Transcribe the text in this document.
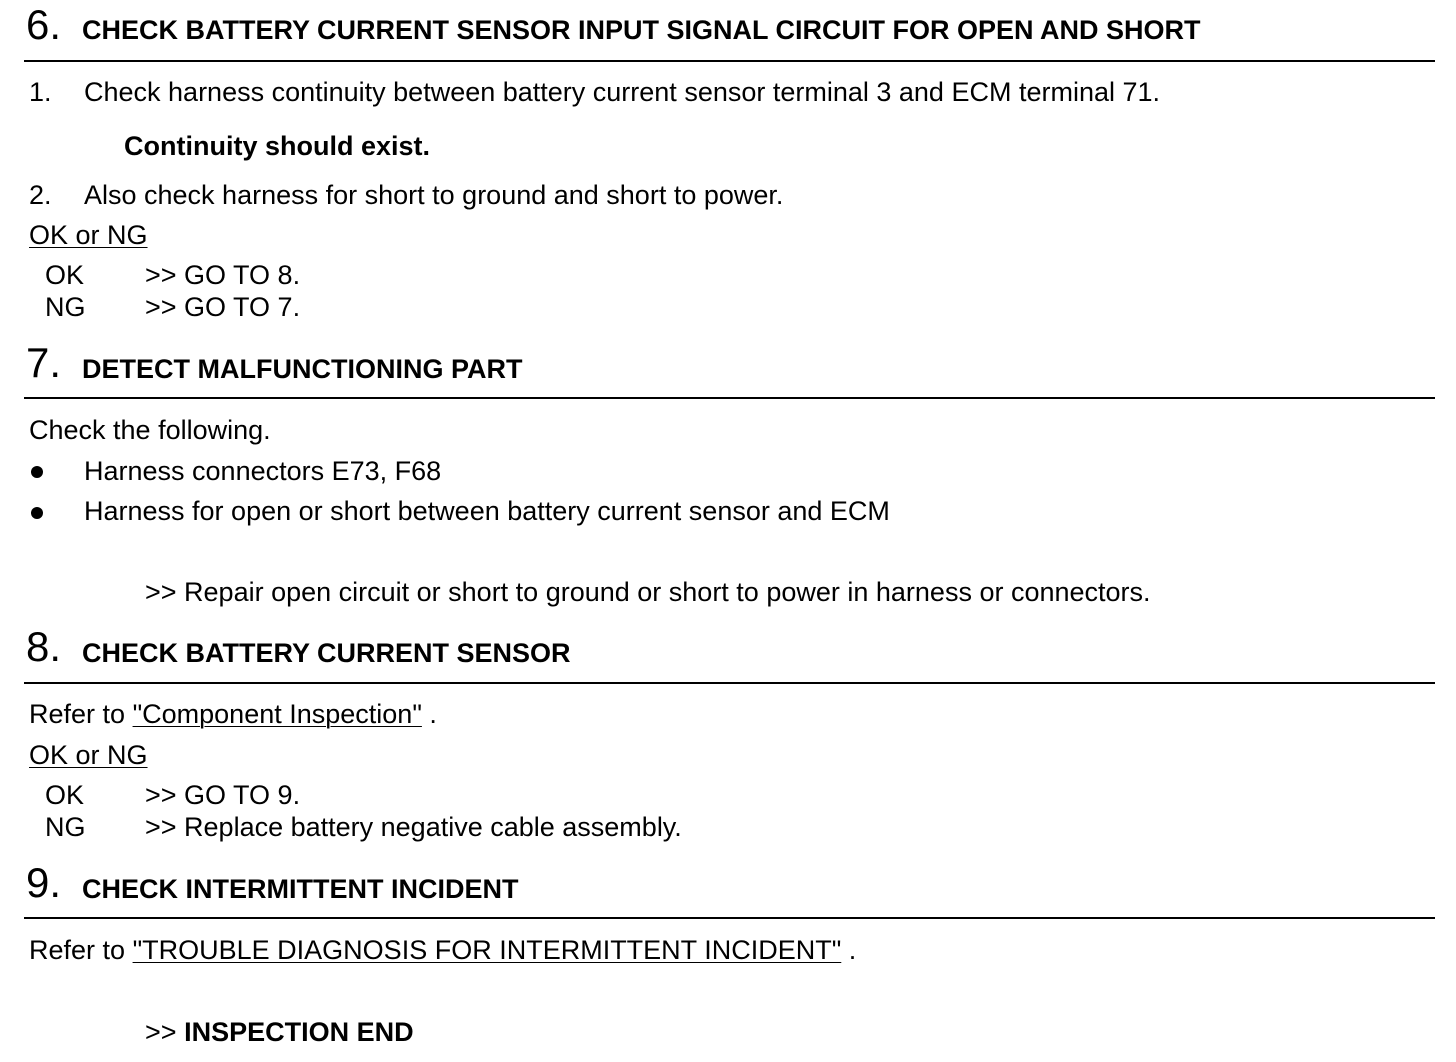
6. CHECK BATTERY CURRENT SENSOR INPUT SIGNAL CIRCUIT FOR OPEN AND SHORT
1. Check harness continuity between battery current sensor terminal 3 and ECM terminal 71.
Continuity should exist.
2. Also check harness for short to ground and short to power.
OK or NG
OK >> GO TO 8.
NG >> GO TO 7.
7. DETECT MALFUNCTIONING PART
Check the following.
Harness connectors E73, F68
Harness for open or short between battery current sensor and ECM
>> Repair open circuit or short to ground or short to power in harness or connectors.
8. CHECK BATTERY CURRENT SENSOR
Refer to "Component Inspection" .
OK or NG
OK >> GO TO 9.
NG >> Replace battery negative cable assembly.
9. CHECK INTERMITTENT INCIDENT
Refer to "TROUBLE DIAGNOSIS FOR INTERMITTENT INCIDENT" .
>> INSPECTION END
